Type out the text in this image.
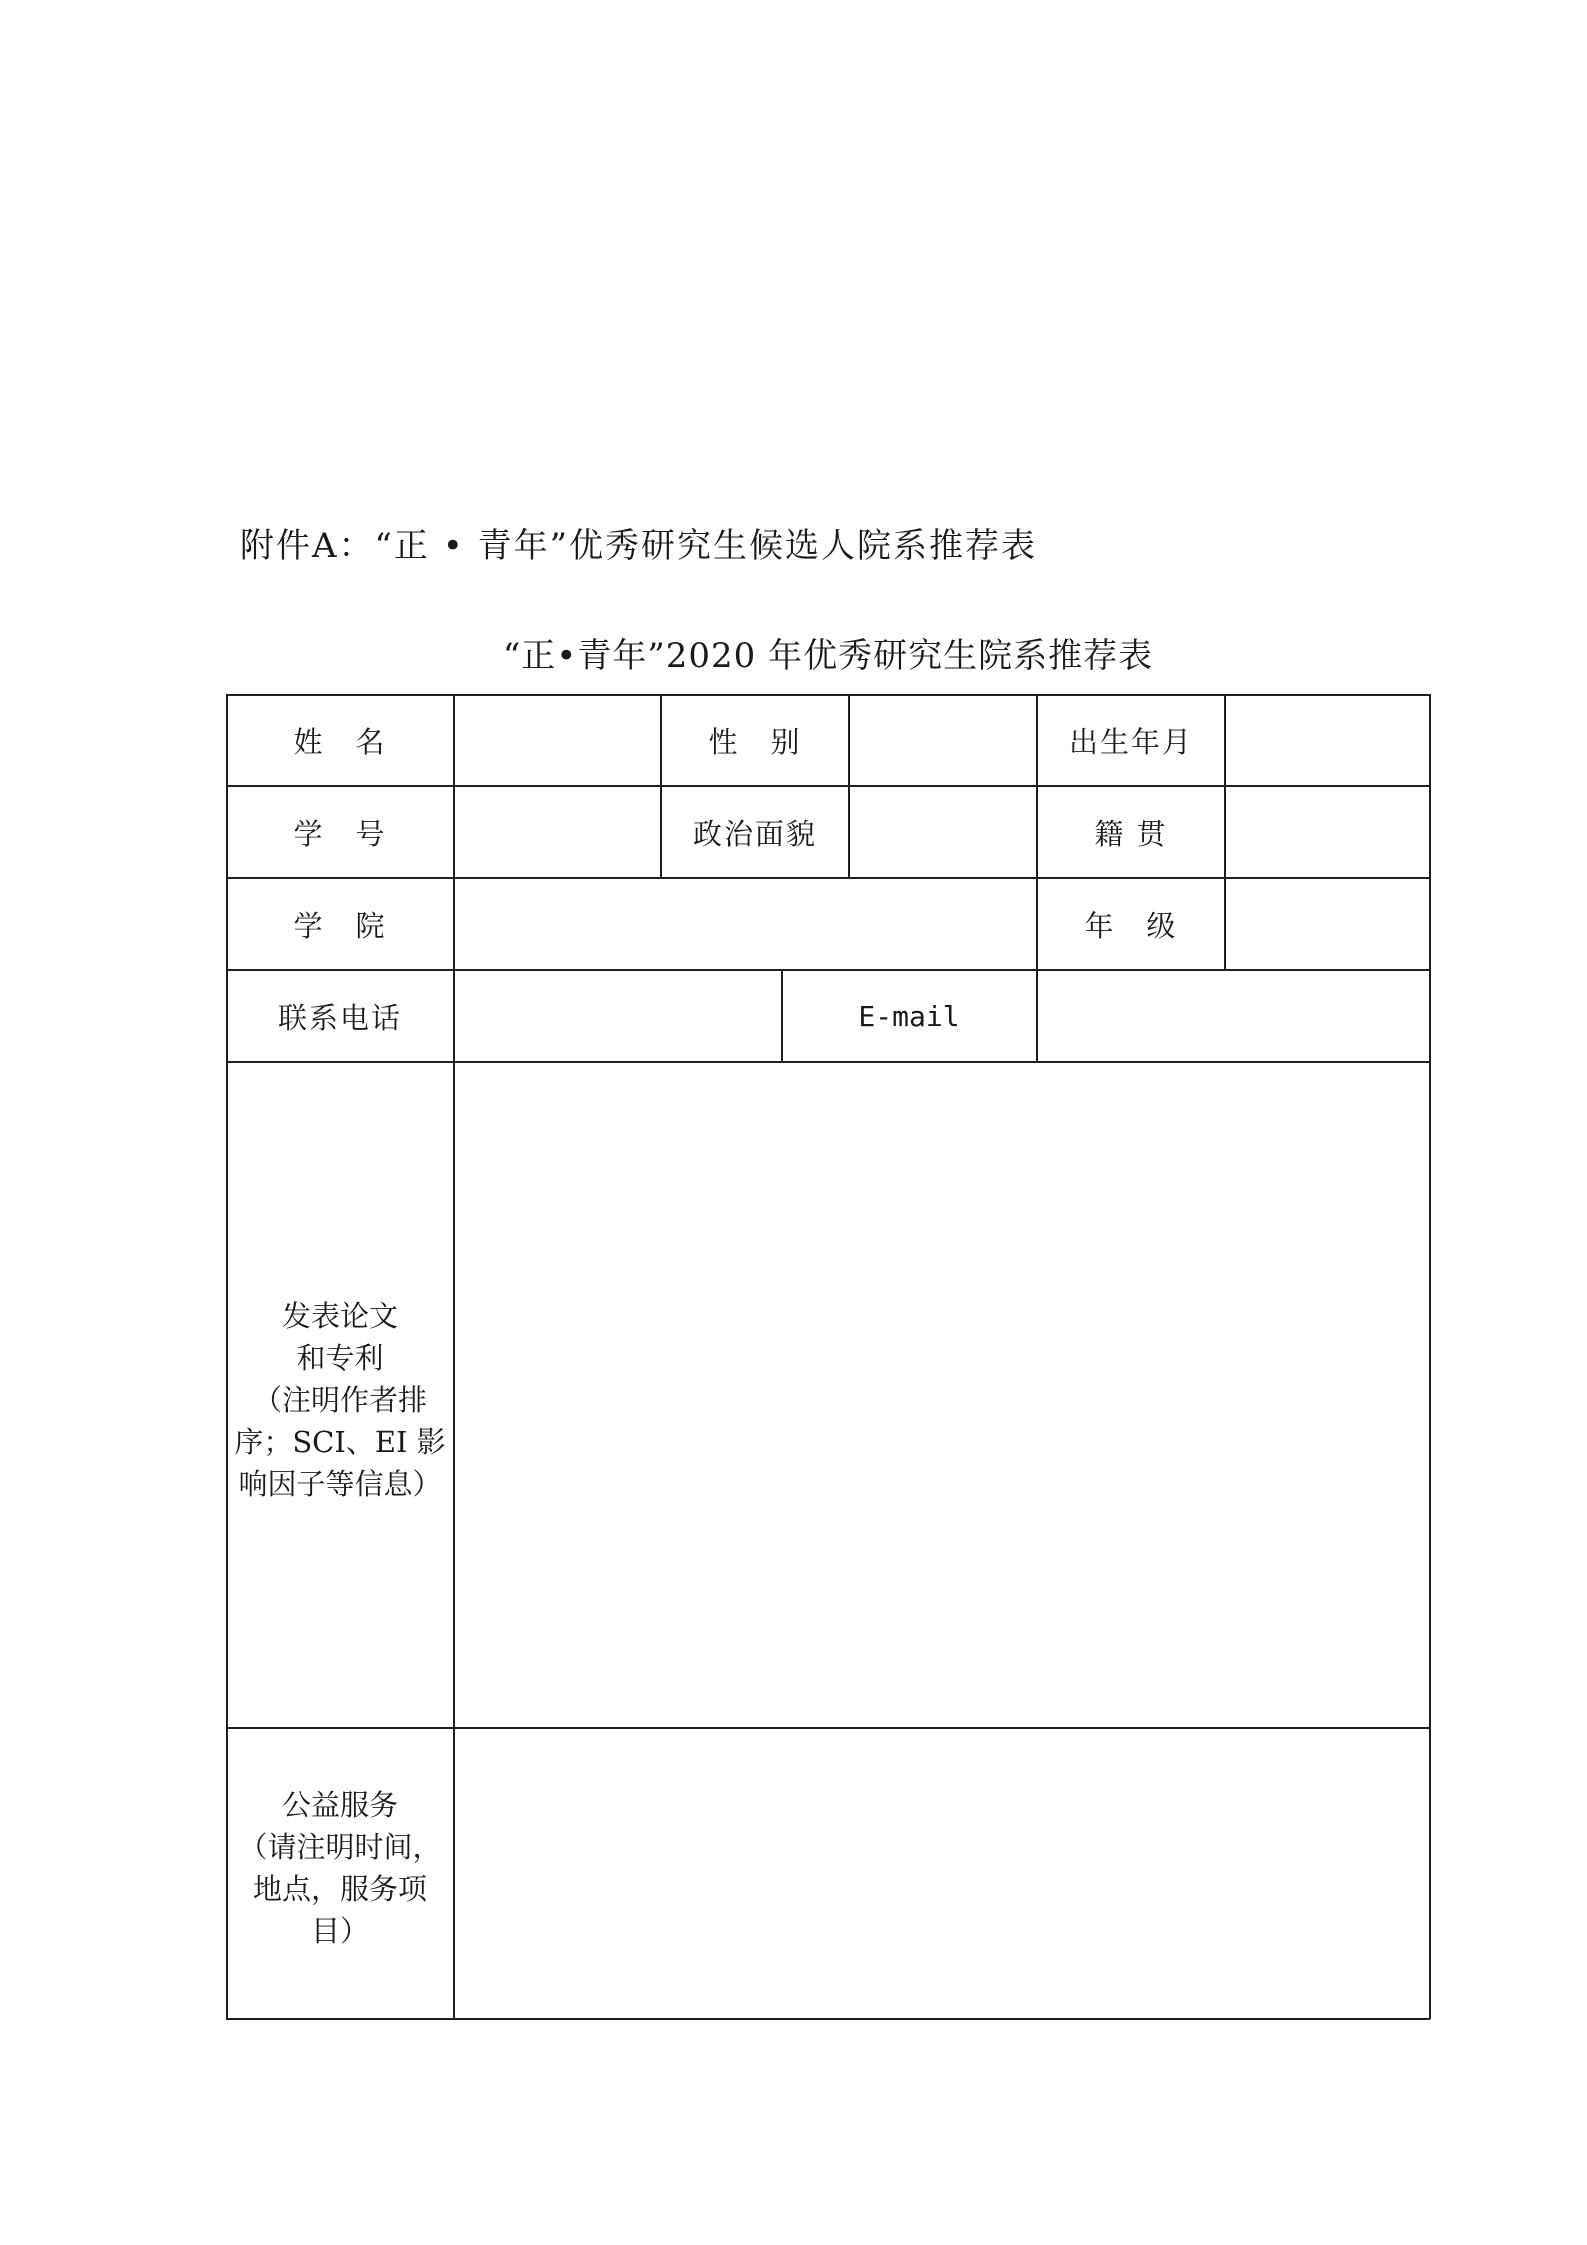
附件A：“正 • 青年”优秀研究生候选人院系推荐表
“正•青年”2020 年优秀研究生院系推荐表
姓　名	性　别	出生年月
学　号	政治面貌	籍 贯
学　院	年　级
联系电话	E-mail
发表论文
和专利
（注明作者排
序；SCI、EI 影
响因子等信息）
公益服务
（请注明时间，
地点，服务项
目）
